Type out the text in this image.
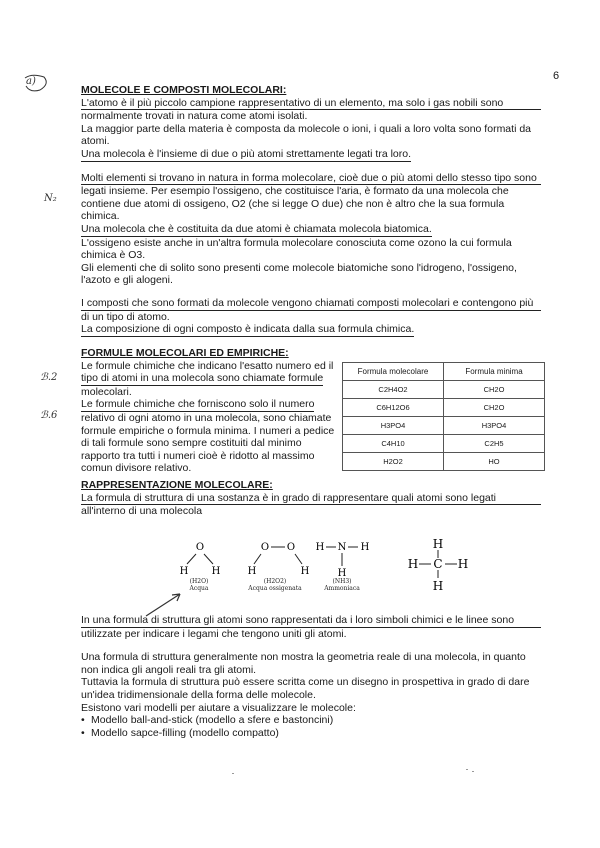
a)	6
N₂
ℬ.2
ℬ.6
MOLECOLE E COMPOSTI MOLECOLARI:
L'atomo è il più piccolo campione rappresentativo di un elemento, ma solo i gas nobili sono
normalmente trovati in natura come atomi isolati.
La maggior parte della materia è composta da molecole o ioni, i quali a loro volta sono formati da
atomi.
Una molecola è l'insieme di due o più atomi strettamente legati tra loro.
Molti elementi si trovano in natura in forma molecolare, cioè due o più atomi dello stesso tipo sono
legati insieme. Per esempio l'ossigeno, che costituisce l'aria, è formato da una molecola che
contiene due atomi di ossigeno, O2 (che si legge O due) che non è altro che la sua formula
chimica.
Una molecola che è costituita da due atomi è chiamata molecola biatomica.
L'ossigeno esiste anche in un'altra formula molecolare conosciuta come ozono la cui formula
chimica è O3.
Gli elementi che di solito sono presenti come molecole biatomiche sono l'idrogeno, l'ossigeno,
l'azoto e gli alogeni.
I composti che sono formati da molecole vengono chiamati composti molecolari e contengono più
di un tipo di atomo.
La composizione di ogni composto è indicata dalla sua formula chimica.
FORMULE MOLECOLARI ED EMPIRICHE:
Le formule chimiche che indicano l'esatto numero ed il
tipo di atomi in una molecola sono chiamate formule
molecolari.
Le formule chimiche che forniscono solo il numero
relativo di ogni atomo in una molecola, sono chiamate
formule empiriche o formula minima. I numeri a pedice
di tali formule sono sempre costituiti dal minimo
rapporto tra tutti i numeri cioè è ridotto al massimo
comun divisore relativo.
Formula molecolare	Formula minima
C2H4O2	CH2O
C6H12O6	CH2O
H3PO4	H3PO4
C4H10	C2H5
H2O2	HO
RAPPRESENTAZIONE MOLECOLARE:
La formula di struttura di una sostanza è in grado di rappresentare quali atomi sono legati
all'interno di una molecola
O
H H
O O
H	H
H N H
H
H
H C H
H
(H2O)
Acqua
(H2O2)
Acqua ossigenata
(NH3)
Ammoniaca
In una formula di struttura gli atomi sono rappresentati da i loro simboli chimici e le linee sono
utilizzate per indicare i legami che tengono uniti gli atomi.
Una formula di struttura generalmente non mostra la geometria reale di una molecola, in quanto
non indica gli angoli reali tra gli atomi.
Tuttavia la formula di struttura può essere scritta come un disegno in prospettiva in grado di dare
un'idea tridimensionale della forma delle molecole.
Esistono vari modelli per aiutare a visualizzare le molecole:
• Modello ball-and-stick (modello a sfere e bastoncini)
• Modello sapce-filling (modello compatto)
